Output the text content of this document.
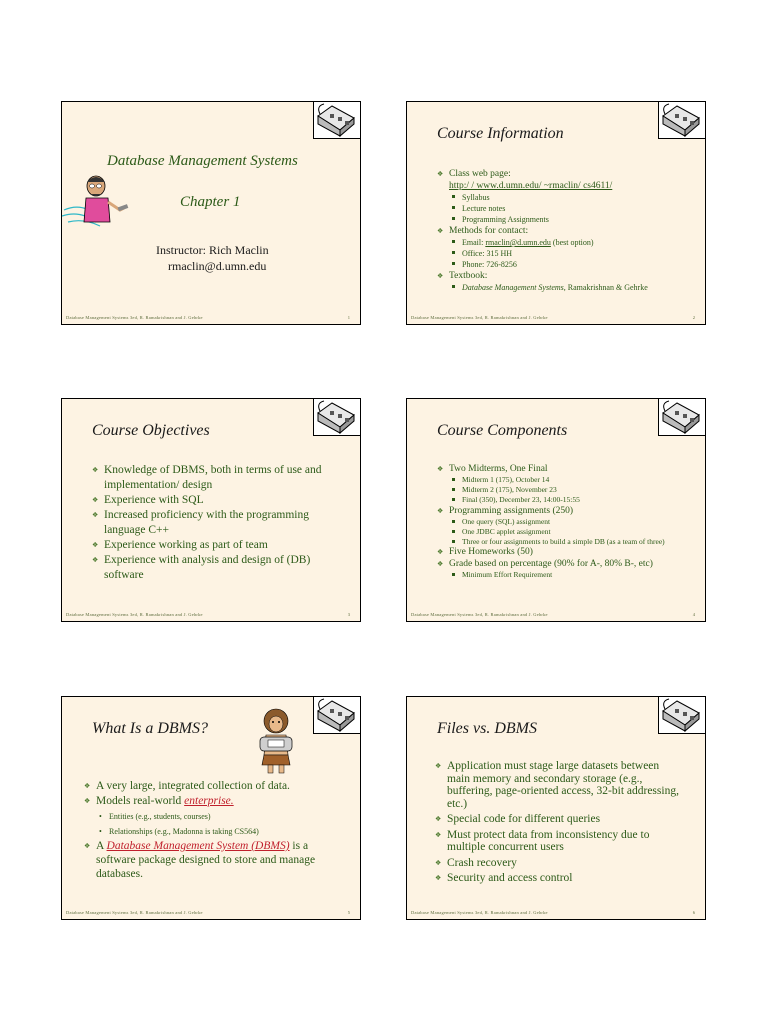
Database Management Systems
Chapter 1
Instructor: Rich Maclin
rmaclin@d.umn.edu
Database Management Systems 3ed, R. Ramakrishnan and J. Gehrke	1
Course Information
❖ Class web page:
http:/ / www.d.umn.edu/ ~rmaclin/ cs4611/
Syllabus
Lecture notes
Programming Assignments
❖ Methods for contact:
Email: rmaclin@d.umn.edu (best option)
Office: 315 HH
Phone: 726-8256
❖ Textbook:
Database Management Systems, Ramakrishnan & Gehrke
Database Management Systems 3ed, R. Ramakrishnan and J. Gehrke	2
Course Objectives
❖ Knowledge of DBMS, both in terms of use and implementation/ design
❖ Experience with SQL
❖ Increased proficiency with the programming language C++
❖ Experience working as part of team
❖ Experience with analysis and design of (DB) software
Database Management Systems 3ed, R. Ramakrishnan and J. Gehrke	3
Course Components
❖ Two Midterms, One Final
Midterm 1 (175), October 14
Midterm 2 (175), November 23
Final (350), December 23, 14:00-15:55
❖ Programming assignments (250)
One query (SQL) assignment
One JDBC applet assignment
Three or four assignments to build a simple DB (as a team of three)
❖ Five Homeworks (50)
❖ Grade based on percentage (90% for A-, 80% B-, etc)
Minimum Effort Requirement
Database Management Systems 3ed, R. Ramakrishnan and J. Gehrke	4
What Is a DBMS?
❖ A very large, integrated collection of data.
❖ Models real-world enterprise.
• Entities (e.g., students, courses)
• Relationships (e.g., Madonna is taking CS564)
❖ A Database Management System (DBMS) is a software package designed to store and manage databases.
Database Management Systems 3ed, R. Ramakrishnan and J. Gehrke	5
Files vs. DBMS
❖ Application must stage large datasets between main memory and secondary storage (e.g., buffering, page-oriented access, 32-bit addressing, etc.)
❖ Special code for different queries
❖ Must protect data from inconsistency due to multiple concurrent users
❖ Crash recovery
❖ Security and access control
Database Management Systems 3ed, R. Ramakrishnan and J. Gehrke	6
